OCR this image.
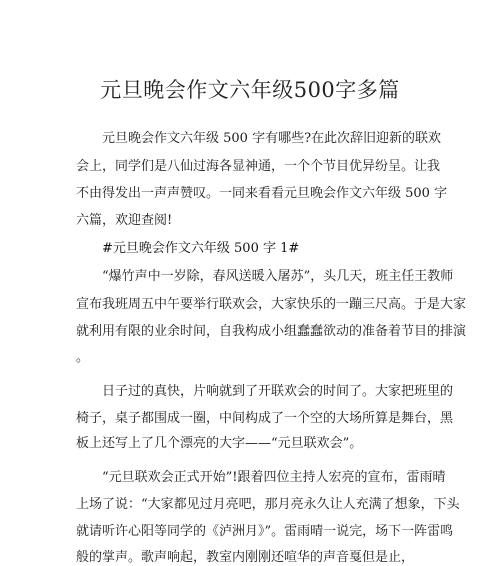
元旦晚会作文六年级500字多篇
元旦晚会作文六年级 500 字有哪些?在此次辞旧迎新的联欢
会上，同学们是八仙过海各显神通，一个个节目优异纷呈。让我
不由得发出一声声赞叹。一同来看看元旦晚会作文六年级 500 字
六篇，欢迎查阅!
#元旦晚会作文六年级 500 字 1#
“爆竹声中一岁除，春风送暖入屠苏”，头几天，班主任王教师
宣布我班周五中午要举行联欢会，大家快乐的一蹦三尺高。于是大家
就利用有限的业余时间，自我构成小组蠢蠢欲动的准备着节目的排演
。
日子过的真快，片响就到了开联欢会的时间了。大家把班里的
椅子，桌子都围成一圈，中间构成了一个空的大场所算是舞台，黑
板上还写上了几个漂亮的大字——“元旦联欢会”。
“元旦联欢会正式开始”!跟着四位主持人宏亮的宣布，雷雨晴
上场了说：“大家都见过月亮吧，那月亮永久让人充满了想象，下头
就请听许心阳等同学的《泸洲月》”。雷雨晴一说完，场下一阵雷鸣
般的掌声。歌声响起，教室内刚刚还喧华的声音戛但是止，
